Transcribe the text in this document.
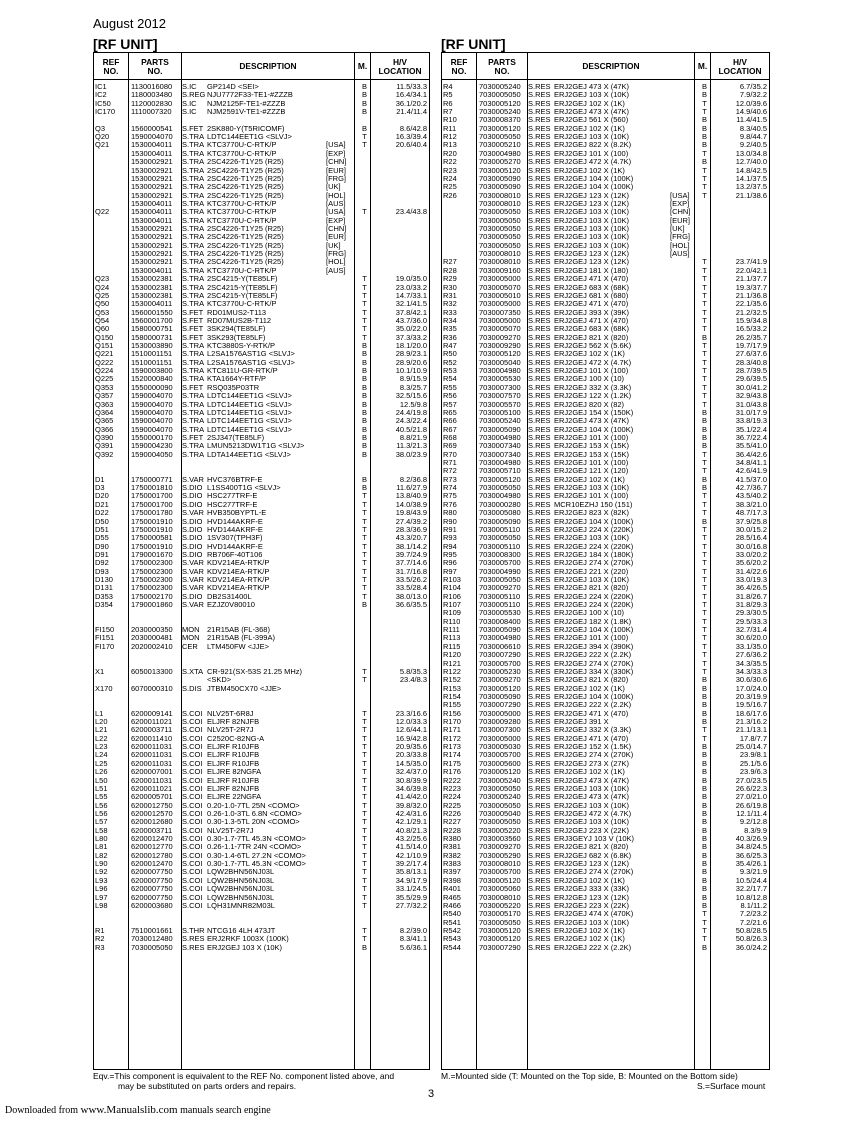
August 2012
[RF UNIT]	[RF UNIT]
REF
NO.
PARTS
NO.	DESCRIPTION	M.	H/V
LOCATION
IC1	1130016080 S.IC GP214D <SEI>	B	11.5/33.3
IC2	1180003480 S.REG NJU7772F33-TE1-#ZZZB	B	16.4/34.1
IC50	1120002830 S.IC NJM2125F-TE1-#ZZZB	B	36.1/20.2
IC170 1110007320 S.IC NJM2591V-TE1-#ZZZB	B	21.4/11.4
Q3	1560000541 S.FET 2SK880-Y(T5RICOMF)	B	8.6/42.8
Q20	1590004070 S.TRA LDTC144EET1G <SLVJ>	T	16.3/39.4
Q21	1530004011 S.TRA KTC3770U-C-RTK/P	[USA] T	20.6/40.4
1530004011 S.TRA KTC3770U-C-RTK/P	[EXP]
1530002921 S.TRA 2SC4226-T1Y25 (R25)	[CHN]
1530002921 S.TRA 2SC4226-T1Y25 (R25)	[EUR]
1530002921 S.TRA 2SC4226-T1Y25 (R25)	[FRG]
1530002921 S.TRA 2SC4226-T1Y25 (R25)	[UK]
1530002921 S.TRA 2SC4226-T1Y25 (R25)	[HOL]
1530004011 S.TRA KTC3770U-C-RTK/P	[AUS]
Q22	1530004011 S.TRA KTC3770U-C-RTK/P	[USA] T	23.4/43.8
1530004011 S.TRA KTC3770U-C-RTK/P	[EXP]
1530002921 S.TRA 2SC4226-T1Y25 (R25)	[CHN]
1530002921 S.TRA 2SC4226-T1Y25 (R25)	[EUR]
1530002921 S.TRA 2SC4226-T1Y25 (R25)	[UK]
1530002921 S.TRA 2SC4226-T1Y25 (R25)	[FRG]
1530002921 S.TRA 2SC4226-T1Y25 (R25)	[HOL]
1530004011 S.TRA KTC3770U-C-RTK/P	[AUS]
Q23	1530002381 S.TRA 2SC4215-Y(TE85LF)	T	19.0/35.0
Q24	1530002381 S.TRA 2SC4215-Y(TE85LF)	T	23.0/33.2
Q25	1530002381 S.TRA 2SC4215-Y(TE85LF)	T	14.7/33.1
Q50	1530004011 S.TRA KTC3770U-C-RTK/P	T	32.1/41.5
Q53	1560001550 S.FET RD01MUS2-T113	T	37.8/42.1
Q54	1560001700 S.FET RD07MUS2B-T112	T	43.7/36.0
Q60	1580000751 S.FET 3SK294(TE85LF)	T	35.0/22.0
Q150 1580000731 S.FET 3SK293(TE85LF)	T	37.3/33.2
Q151 1530003890 S.TRA KTC3880S-Y-RTK/P	B	18.1/20.0
Q221 1510001151 S.TRA L2SA1576AST1G <SLVJ>	B	28.9/23.1
Q222 1510001151 S.TRA L2SA1576AST1G <SLVJ>	B	28.9/20.6
Q224 1590003800 S.TRA KTC811U-GR-RTK/P	B	10.1/10.9
Q225 1520000840 S.TRA KTA1664Y-RTF/P	B	8.9/15.9
Q353 1550000090 S.FET RSQ035P03TR	B	8.3/25.7
Q357 1590004070 S.TRA LDTC144EET1G <SLVJ>	B	32.5/15.6
Q363 1590004070 S.TRA LDTC144EET1G <SLVJ>	B	12.5/9.8
Q364 1590004070 S.TRA LDTC144EET1G <SLVJ>	B	24.4/19.8
Q365 1590004070 S.TRA LDTC144EET1G <SLVJ>	B	24.3/22.4
Q366 1590004070 S.TRA LDTC144EET1G <SLVJ>	B	40.5/21.8
Q390 1550000170 S.FET 2SJ347(TE85LF)	B	8.8/21.9
Q391 1590004230 S.TRA LMUN5213DW1T1G <SLVJ>	B	11.3/21.3
Q392 1590004050 S.TRA LDTA144EET1G <SLVJ>	B	38.0/23.9
D1	1750000771 S.VAR HVC376BTRF-E	B	8.2/36.8
D3	1750001810 S.DIO L1SS400T1G <SLVJ>	B	11.6/27.9
D20	1750001700 S.DIO HSC277TRF-E	T	13.8/40.9
D21	1750001700 S.DIO HSC277TRF-E	T	14.0/38.9
D22	1750001780 S.VAR HVB350BYPTL-E	T	19.8/43.9
D50	1750001910 S.DIO HVD144AKRF-E	T	27.4/39.2
D51	1750001910 S.DIO HVD144AKRF-E	T	28.3/36.9
D55	1750000581 S.DIO 1SV307(TPH3F)	T	43.3/20.7
D90	1750001910 S.DIO HVD144AKRF-E	T	38.1/14.2
D91	1790001670 S.DIO RB706F-40T106	T	39.7/24.9
D92	1750002300 S.VAR KDV214EA-RTK/P	T	37.7/14.6
D93	1750002300 S.VAR KDV214EA-RTK/P	T	31.7/16.8
D130 1750002300 S.VAR KDV214EA-RTK/P	T	33.5/26.2
D131 1750002300 S.VAR KDV214EA-RTK/P	T	33.5/28.4
D353 1750002170 S.DIO DB2S31400L	T	38.0/13.0
D354 1790001860 S.VAR EZJZ0V80010	B	36.6/35.5
FI150 2030000350 MON 21R15AB (FL-368)
FI151 2030000481 MON 21R15AB (FL-399A)
FI170 2020002410 CER LTM450FW <JJE>
X1	6050013300 S.XTA CR-921(SX-53S 21.25 MHz)	T	5.8/35.3
<SKD>	T	23.4/8.3
X170 6070000310 S.DIS JTBM450CX70 <JJE>
L1	6200009141 S.COI NLV25T-6R8J	T	23.3/16.6
L20	6200011021 S.COI ELJRF 82NJFB	T	12.0/33.3
L21	6200003711 S.COI NLV25T-2R7J	T	12.6/44.1
L22	6200011410 S.COI C2520C-82NG-A	T	16.9/42.8
L23	6200011031 S.COI ELJRF R10JFB	T	20.9/35.6
L24	6200011031 S.COI ELJRF R10JFB	T	20.3/33.8
L25	6200011031 S.COI ELJRF R10JFB	T	14.5/35.0
L26	6200007001 S.COI ELJRE 82NGFA	T	32.4/37.0
L50	6200011031 S.COI ELJRF R10JFB	T	30.8/39.9
L51	6200011021 S.COI ELJRF 82NJFB	T	34.6/39.8
L55	6200005701 S.COI ELJRE 22NGFA	T	41.4/42.0
L56	6200012750 S.COI 0.20-1.0-7TL 25N <COMO>	T	39.8/32.0
L56	6200012570 S.COI 0.26-1.0-3TL 6.8N <COMO>	T	42.4/31.6
L57	6200012680 S.COI 0.30-1.3-5TL 20N <COMO>	T	42.1/29.1
L58	6200003711 S.COI NLV25T-2R7J	T	40.8/21.3
L80	6200012470 S.COI 0.30-1.7-7TL 45.3N <COMO>	T	43.2/25.6
L81	6200012770 S.COI 0.26-1.1-7TR 24N <COMO>	T	41.5/14.0
L82	6200012780 S.COI 0.30-1.4-6TL 27.2N <COMO>	T	42.1/10.9
L90	6200012470 S.COI 0.30-1.7-7TL 45.3N <COMO>	T	39.2/17.4
L92	6200007750 S.COI LQW2BHN56NJ03L	T	35.8/13.1
L93	6200007750 S.COI LQW2BHN56NJ03L	T	34.9/17.9
L96	6200007750 S.COI LQW2BHN56NJ03L	T	33.1/24.5
L97	6200007750 S.COI LQW2BHN56NJ03L	T	35.5/29.9
L98	6200003680 S.COI LQH31MNR82M03L	T	27.7/32.2
R1	7510001661 S.THR NTCG16 4LH 473JT	T	8.2/39.0
R2	7030012480 S.RES ERJ2RKF 1003X (100K)	T	8.3/41.1
R3	7030005050 S.RES ERJ2GEJ 103 X (10K)	B	5.6/36.1
REF
NO.
PARTS
NO.	DESCRIPTION	M.	H/V
LOCATION
R4	7030005240 S.RES ERJ2GEJ 473 X (47K)	B	6.7/35.2
R5	7030005050 S.RES ERJ2GEJ 103 X (10K)	B	7.9/32.2
R6	7030005120 S.RES ERJ2GEJ 102 X (1K)	T	12.0/39.6
R7	7030005240 S.RES ERJ2GEJ 473 X (47K)	T	14.9/40.6
R10	7030008370 S.RES ERJ2GEJ 561 X (560)	B	11.4/41.5
R11	7030005120 S.RES ERJ2GEJ 102 X (1K)	B	8.3/40.5
R12	7030005050 S.RES ERJ2GEJ 103 X (10K)	B	9.8/44.7
R13	7030005210 S.RES ERJ2GEJ 822 X (8.2K)	B	9.2/40.5
R20	7030004980 S.RES ERJ2GEJ 101 X (100)	T	13.0/34.8
R22	7030005270 S.RES ERJ2GEJ 472 X (4.7K)	B	12.7/40.0
R23	7030005120 S.RES ERJ2GEJ 102 X (1K)	T	14.8/42.5
R24	7030005090 S.RES ERJ2GEJ 104 X (100K)	T	14.1/37.5
R25	7030005090 S.RES ERJ2GEJ 104 X (100K)	T	13.2/37.5
R26	7030008010 S.RES ERJ2GEJ 123 X (12K)	[USA] T	21.1/38.6
7030008010 S.RES ERJ2GEJ 123 X (12K)	[EXP]
7030005050 S.RES ERJ2GEJ 103 X (10K)	[CHN]
7030005050 S.RES ERJ2GEJ 103 X (10K)	[EUR]
7030005050 S.RES ERJ2GEJ 103 X (10K)	[UK]
7030005050 S.RES ERJ2GEJ 103 X (10K)	[FRG]
7030005050 S.RES ERJ2GEJ 103 X (10K)	[HOL]
7030008010 S.RES ERJ2GEJ 123 X (12K)	[AUS]
R27	7030008010 S.RES ERJ2GEJ 123 X (12K)	T	23.7/41.9
R28	7030009160 S.RES ERJ2GEJ 181 X (180)	T	22.0/42.1
R29	7030005000 S.RES ERJ2GEJ 471 X (470)	T	21.1/37.7
R30	7030005070 S.RES ERJ2GEJ 683 X (68K)	T	19.3/37.7
R31	7030005010 S.RES ERJ2GEJ 681 X (680)	T	21.1/36.8
R32	7030005000 S.RES ERJ2GEJ 471 X (470)	T	22.1/35.6
R33	7030007350 S.RES ERJ2GEJ 393 X (39K)	T	21.2/32.5
R34	7030005000 S.RES ERJ2GEJ 471 X (470)	T	15.9/34.8
R35	7030005070 S.RES ERJ2GEJ 683 X (68K)	T	16.5/33.2
R36	7030009270 S.RES ERJ2GEJ 821 X (820)	B	26.2/35.7
R47	7030009290 S.RES ERJ2GEJ 562 X (5.6K)	T	19.7/17.9
R50	7030005120 S.RES ERJ2GEJ 102 X (1K)	T	27.6/37.6
R52	7030005040 S.RES ERJ2GEJ 472 X (4.7K)	T	28.3/40.8
R53	7030004980 S.RES ERJ2GEJ 101 X (100)	T	28.7/39.5
R54	7030005530 S.RES ERJ2GEJ 100 X (10)	T	29.6/39.5
R55	7030007300 S.RES ERJ2GEJ 332 X (3.3K)	T	30.0/41.2
R56	7030007570 S.RES ERJ2GEJ 122 X (1.2K)	T	32.9/43.8
R57	7030005570 S.RES ERJ2GEJ 820 X (82)	T	31.0/43.8
R65	7030005100 S.RES ERJ2GEJ 154 X (150K)	B	31.0/17.9
R66	7030005240 S.RES ERJ2GEJ 473 X (47K)	B	33.8/19.3
R67	7030005090 S.RES ERJ2GEJ 104 X (100K)	B	35.1/22.4
R68	7030004980 S.RES ERJ2GEJ 101 X (100)	B	36.7/22.4
R69	7030007340 S.RES ERJ2GEJ 153 X (15K)	B	35.5/41.0
R70	7030007340 S.RES ERJ2GEJ 153 X (15K)	T	36.4/42.6
R71	7030004980 S.RES ERJ2GEJ 101 X (100)	T	34.8/41.1
R72	7030005710 S.RES ERJ2GEJ 121 X (120)	T	42.6/41.9
R73	7030005120 S.RES ERJ2GEJ 102 X (1K)	B	41.5/37.0
R74	7030005050 S.RES ERJ2GEJ 103 X (10K)	B	42.7/36.7
R75	7030004980 S.RES ERJ2GEJ 101 X (100)	T	43.5/40.2
R76	7030000280 S.RES MCR10EZHJ 150 (151)	T	38.3/21.0
R80	7030005080 S.RES ERJ2GEJ 823 X (82K)	T	48.7/17.3
R90	7030005090 S.RES ERJ2GEJ 104 X (100K)	B	37.9/25.8
R91	7030005110 S.RES ERJ2GEJ 224 X (220K)	T	30.0/15.2
R93	7030005050 S.RES ERJ2GEJ 103 X (10K)	T	28.5/16.4
R94	7030005110 S.RES ERJ2GEJ 224 X (220K)	T	30.0/16.8
R95	7030008300 S.RES ERJ2GEJ 184 X (180K)	T	33.0/20.2
R96	7030005700 S.RES ERJ2GEJ 274 X (270K)	T	35.6/20.2
R97	7030004990 S.RES ERJ2GEJ 221 X (220)	T	31.4/22.6
R103 7030005050 S.RES ERJ2GEJ 103 X (10K)	T	33.0/19.3
R104 7030009270 S.RES ERJ2GEJ 821 X (820)	T	36.4/26.5
R106 7030005110 S.RES ERJ2GEJ 224 X (220K)	T	31.8/26.7
R107 7030005110 S.RES ERJ2GEJ 224 X (220K)	T	31.8/29.3
R109 7030005530 S.RES ERJ2GEJ 100 X (10)	T	29.3/30.5
R110 7030008400 S.RES ERJ2GEJ 182 X (1.8K)	T	29.5/33.3
R111	7030005090 S.RES ERJ2GEJ 104 X (100K)	T	32.7/31.4
R113 7030004980 S.RES ERJ2GEJ 101 X (100)	T	30.6/20.0
R115 7030006610 S.RES ERJ2GEJ 394 X (390K)	T	33.1/35.0
R120 7030007290 S.RES ERJ2GEJ 222 X (2.2K)	T	27.6/36.2
R121 7030005700 S.RES ERJ2GEJ 274 X (270K)	T	34.3/35.5
R122 7030005230 S.RES ERJ2GEJ 334 X (330K)	T	34.3/33.3
R152 7030009270 S.RES ERJ2GEJ 821 X (820)	B	30.6/30.6
R153 7030005120 S.RES ERJ2GEJ 102 X (1K)	B	17.0/24.0
R154 7030005090 S.RES ERJ2GEJ 104 X (100K)	B	20.3/19.9
R155 7030007290 S.RES ERJ2GEJ 222 X (2.2K)	B	19.5/16.7
R156 7030005000 S.RES ERJ2GEJ 471 X (470)	B	18.6/17.6
R170 7030009280 S.RES ERJ2GEJ 391 X	B	21.3/16.2
R171 7030007300 S.RES ERJ2GEJ 332 X (3.3K)	T	21.1/13.1
R172 7030005000 S.RES ERJ2GEJ 471 X (470)	T	17.8/7.7
R173 7030005030 S.RES ERJ2GEJ 152 X (1.5K)	B	25.0/14.7
R174 7030005700 S.RES ERJ2GEJ 274 X (270K)	B	23.9/8.1
R175 7030005600 S.RES ERJ2GEJ 273 X (27K)	B	25.1/5.6
R176 7030005120 S.RES ERJ2GEJ 102 X (1K)	B	23.9/6.3
R222 7030005240 S.RES ERJ2GEJ 473 X (47K)	B	27.0/23.5
R223 7030005050 S.RES ERJ2GEJ 103 X (10K)	B	26.6/22.3
R224 7030005240 S.RES ERJ2GEJ 473 X (47K)	B	27.0/21.0
R225 7030005050 S.RES ERJ2GEJ 103 X (10K)	B	26.6/19.8
R226 7030005040 S.RES ERJ2GEJ 472 X (4.7K)	B	12.1/11.4
R227 7030005050 S.RES ERJ2GEJ 103 X (10K)	B	9.2/12.8
R228 7030005220 S.RES ERJ2GEJ 223 X (22K)	B	8.3/9.9
R380 7030003560 S.RES ERJ3GEYJ 103 V (10K)	B	40.3/26.9
R381 7030009270 S.RES ERJ2GEJ 821 X (820)	B	34.8/24.5
R382 7030005290 S.RES ERJ2GEJ 682 X (6.8K)	B	36.6/25.3
R383 7030008010 S.RES ERJ2GEJ 123 X (12K)	B	35.4/26.1
R397 7030005700 S.RES ERJ2GEJ 274 X (270K)	B	9.3/21.9
R398 7030005120 S.RES ERJ2GEJ 102 X (1K)	B	10.5/24.4
R401 7030005060 S.RES ERJ2GEJ 333 X (33K)	B	32.2/17.7
R465 7030008010 S.RES ERJ2GEJ 123 X (12K)	B	10.8/12.8
R466 7030005220 S.RES ERJ2GEJ 223 X (22K)	B	8.1/11.2
R540 7030005170 S.RES ERJ2GEJ 474 X (470K)	T	7.2/23.2
R541 7030005050 S.RES ERJ2GEJ 103 X (10K)	T	7.2/21.6
R542 7030005120 S.RES ERJ2GEJ 102 X (1K)	T	50.8/28.5
R543 7030005120 S.RES ERJ2GEJ 102 X (1K)	T	50.8/26.3
R544 7030007290 S.RES ERJ2GEJ 222 X (2.2K)	B	36.0/24.2
Eqv.=This component is equivalent to the REF No. component listed above, and
may be substituted on parts orders and repairs.
M.=Mounted side (T: Mounted on the Top side, B: Mounted on the Bottom side)
S.=Surface mount
3
Downloaded from www.Manualslib.com manuals search engine
